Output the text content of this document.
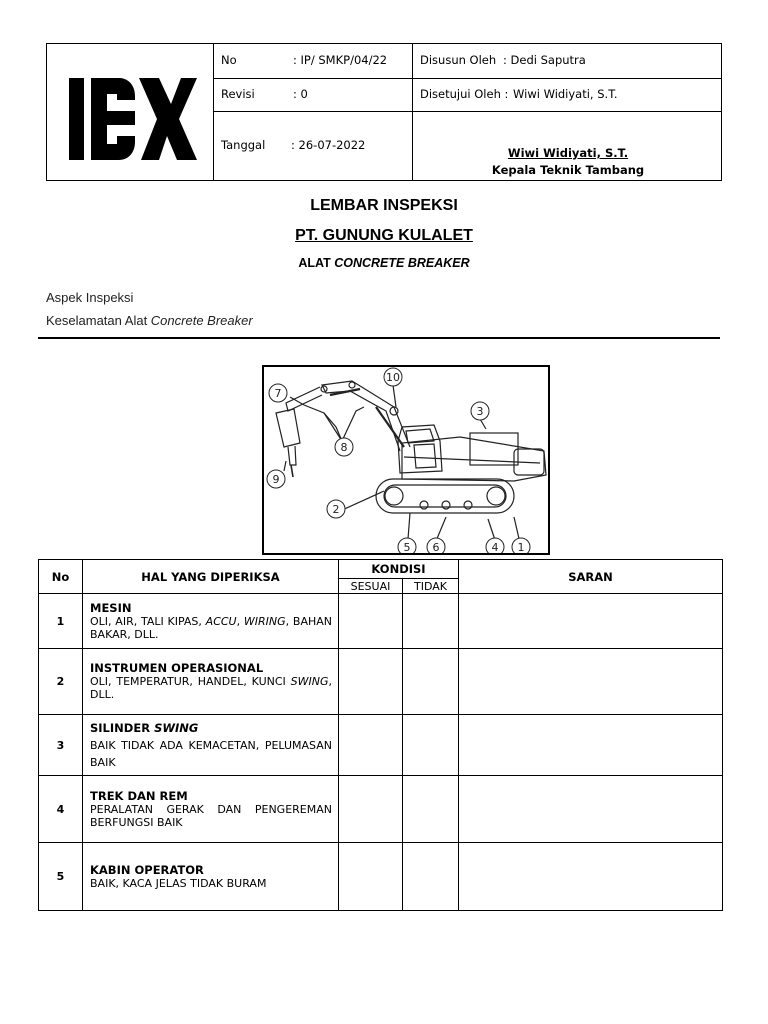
No	: IP/ SMKP/04/22
Revisi	: 0
Tanggal : 26-07-2022
Disusun Oleh : Dedi Saputra
Disetujui Oleh : Wiwi Widiyati, S.T.
Wiwi Widiyati, S.T.
Kepala Teknik Tambang
LEMBAR INSPEKSI
PT. GUNUNG KULALET
ALAT CONCRETE BREAKER
Aspek Inspeksi
Keselamatan Alat Concrete Breaker
10
7
8
3
9
2
5 6	4 1
No	HAL YANG DIPERIKSA	KONDISI		SARAN
		SESUAI	TIDAK	
1	MESIN
OLI, AIR, TALI KIPAS, ACCU, WIRING, BAHAN BAKAR, DLL.			

2	INSTRUMEN OPERASIONAL
OLI, TEMPERATUR, HANDEL, KUNCI SWING, DLL.			

3	SILINDER SWING
BAIK TIDAK ADA KEMACETAN, PELUMASAN BAIK			

4	TREK DAN REM
PERALATAN GERAK DAN PENGEREMAN BERFUNGSI BAIK			

5	KABIN OPERATOR
BAIK, KACA JELAS TIDAK BURAM			
